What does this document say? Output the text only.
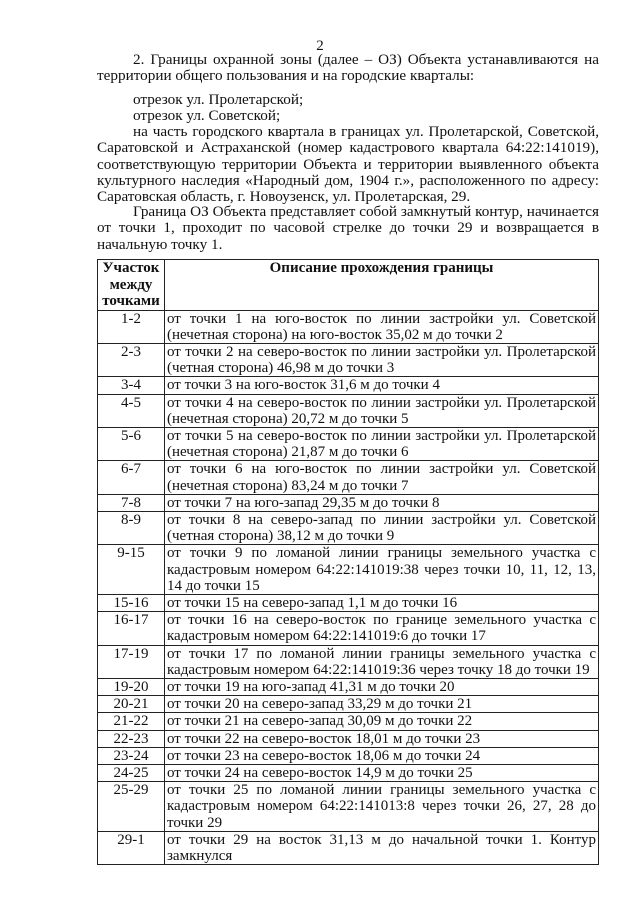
2

2. Границы охранной зоны (далее – ОЗ) Объекта устанавливаются на территории общего пользования и на городские кварталы:

отрезок ул. Пролетарской;

отрезок ул. Советской;

на часть городского квартала в границах ул. Пролетарской, Советской, Саратовской и Астраханской (номер кадастрового квартала 64:22:141019), соответствующую территории Объекта и территории выявленного объекта культурного наследия «Народный дом, 1904 г.», расположенного по адресу: Саратовская область, г. Новоузенск, ул. Пролетарская, 29.

Граница ОЗ Объекта представляет собой замкнутый контур, начинается от точки 1, проходит по часовой стрелке до точки 29 и возвращается в начальную точку 1.

Участок между точками	Описание прохождения границы
1-2	от точки 1 на юго-восток по линии застройки ул. Советской (нечетная сторона) на юго-восток 35,02 м до точки 2
2-3	от точки 2 на северо-восток по линии застройки ул. Пролетарской (четная сторона) 46,98 м до точки 3
3-4	от точки 3 на юго-восток 31,6 м до точки 4
4-5	от точки 4 на северо-восток по линии застройки ул. Пролетарской (нечетная сторона) 20,72 м до точки 5
5-6	от точки 5 на северо-восток по линии застройки ул. Пролетарской (нечетная сторона) 21,87 м до точки 6
6-7	от точки 6 на юго-восток по линии застройки ул. Советской (нечетная сторона) 83,24 м до точки 7
7-8	от точки 7 на юго-запад 29,35 м до точки 8
8-9	от точки 8 на северо-запад по линии застройки ул. Советской (четная сторона) 38,12 м до точки 9
9-15	от точки 9 по ломаной линии границы земельного участка с кадастровым номером 64:22:141019:38 через точки 10, 11, 12, 13, 14 до точки 15
15-16	от точки 15 на северо-запад 1,1 м до точки 16
16-17	от точки 16 на северо-восток по границе земельного участка с кадастровым номером 64:22:141019:6 до точки 17
17-19	от точки 17 по ломаной линии границы земельного участка с кадастровым номером 64:22:141019:36 через точку 18 до точки 19
19-20	от точки 19 на юго-запад 41,31 м до точки 20
20-21	от точки 20 на северо-запад 33,29 м до точки 21
21-22	от точки 21 на северо-запад 30,09 м до точки 22
22-23	от точки 22 на северо-восток 18,01 м до точки 23
23-24	от точки 23 на северо-восток 18,06 м до точки 24
24-25	от точки 24 на северо-восток 14,9 м до точки 25
25-29	от точки 25 по ломаной линии границы земельного участка с кадастровым номером 64:22:141013:8 через точки 26, 27, 28 до точки 29
29-1	от точки 29 на восток 31,13 м до начальной точки 1. Контур замкнулся
